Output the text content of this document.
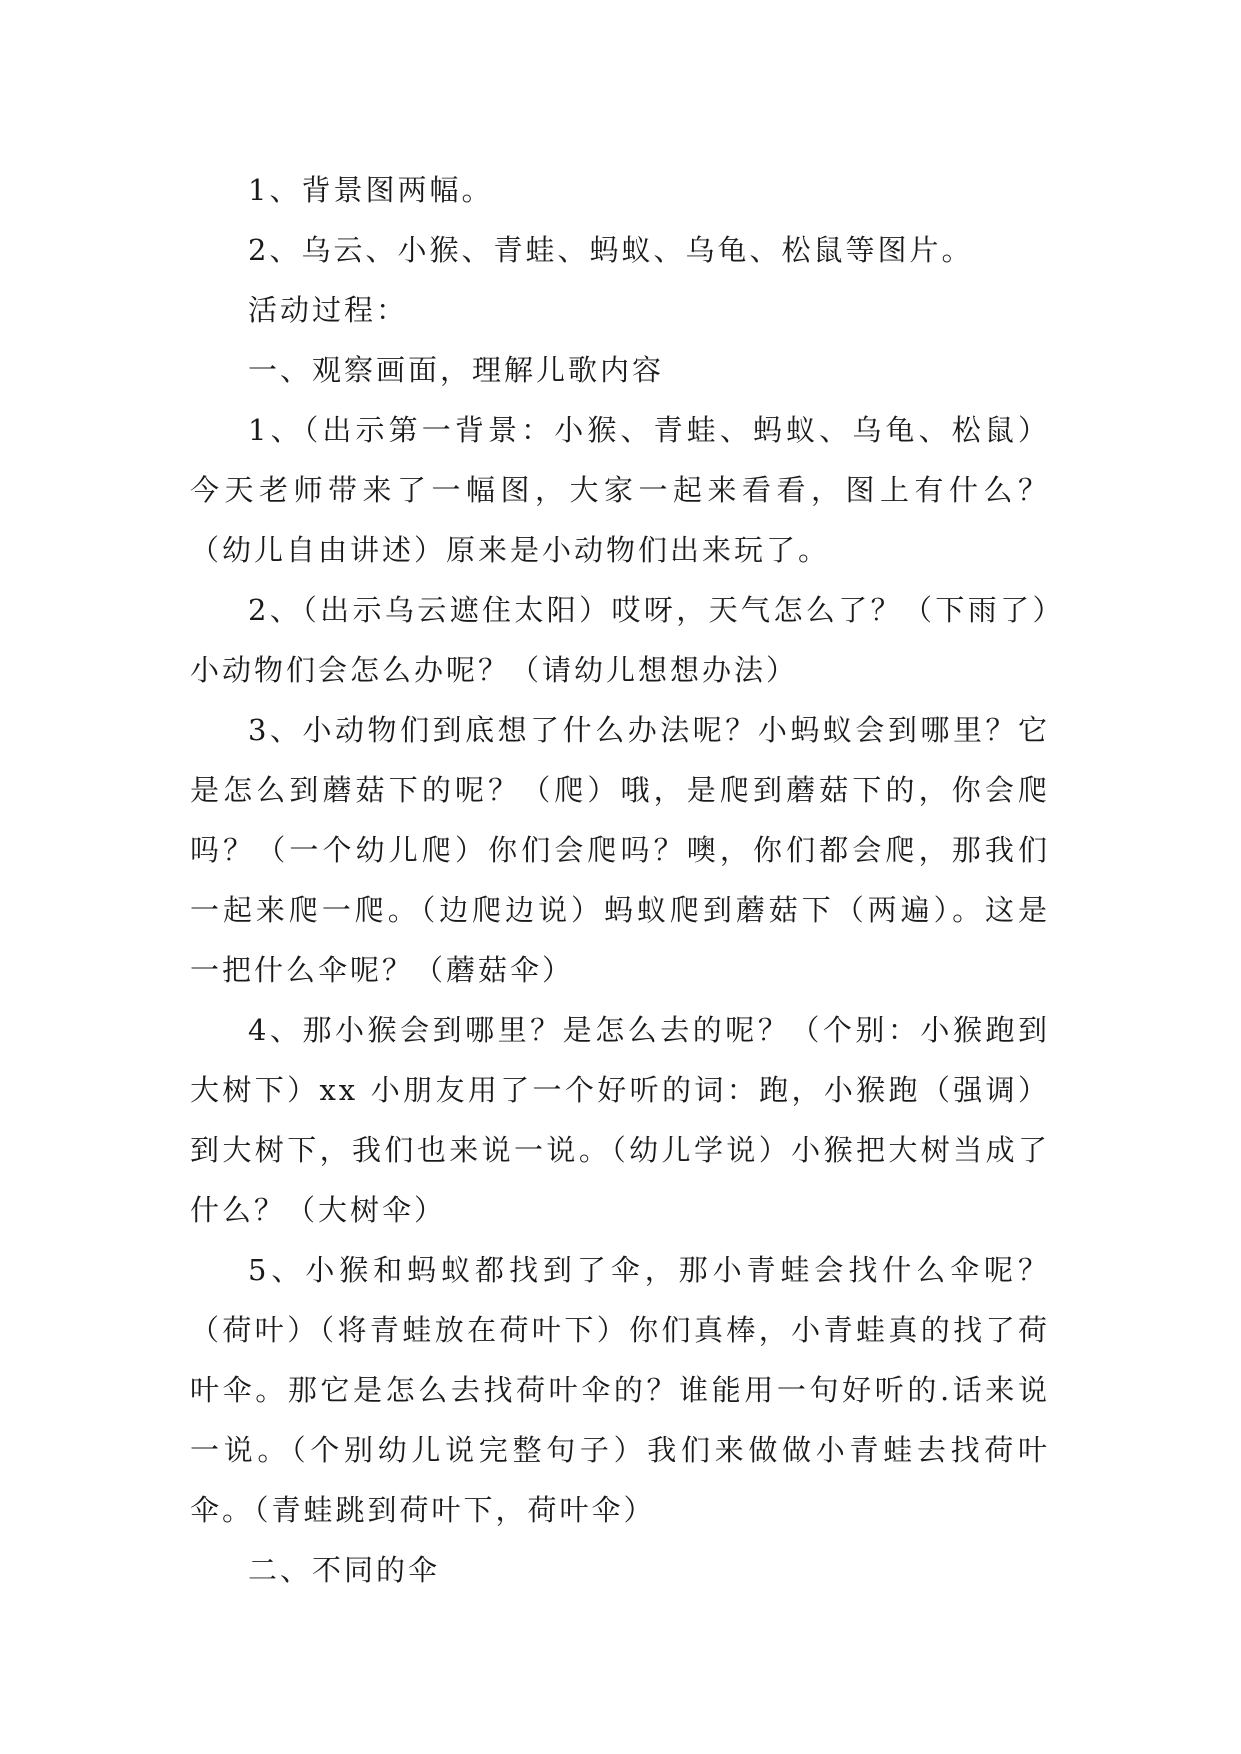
1、背景图两幅。

2、乌云、小猴、青蛙、蚂蚁、乌龟、松鼠等图片。

活动过程：

一、观察画面，理解儿歌内容

1、（出示第一背景：小猴、青蛙、蚂蚁、乌龟、松鼠）今天老师带来了一幅图，大家一起来看看，图上有什么？（幼儿自由讲述）原来是小动物们出来玩了。

2、（出示乌云遮住太阳）哎呀，天气怎么了？（下雨了）小动物们会怎么办呢？（请幼儿想想办法）

3、小动物们到底想了什么办法呢？小蚂蚁会到哪里？它是怎么到蘑菇下的呢？（爬）哦，是爬到蘑菇下的，你会爬吗？（一个幼儿爬）你们会爬吗？噢，你们都会爬，那我们一起来爬一爬。（边爬边说）蚂蚁爬到蘑菇下（两遍）。这是一把什么伞呢？（蘑菇伞）

4、那小猴会到哪里？是怎么去的呢？（个别：小猴跑到大树下）xx 小朋友用了一个好听的词：跑，小猴跑（强调）到大树下，我们也来说一说。（幼儿学说）小猴把大树当成了什么？（大树伞）

5、小猴和蚂蚁都找到了伞，那小青蛙会找什么伞呢？（荷叶）（将青蛙放在荷叶下）你们真棒，小青蛙真的找了荷叶伞。那它是怎么去找荷叶伞的？谁能用一句好听的.话来说一说。（个别幼儿说完整句子）我们来做做小青蛙去找荷叶伞。（青蛙跳到荷叶下，荷叶伞）

二、不同的伞
